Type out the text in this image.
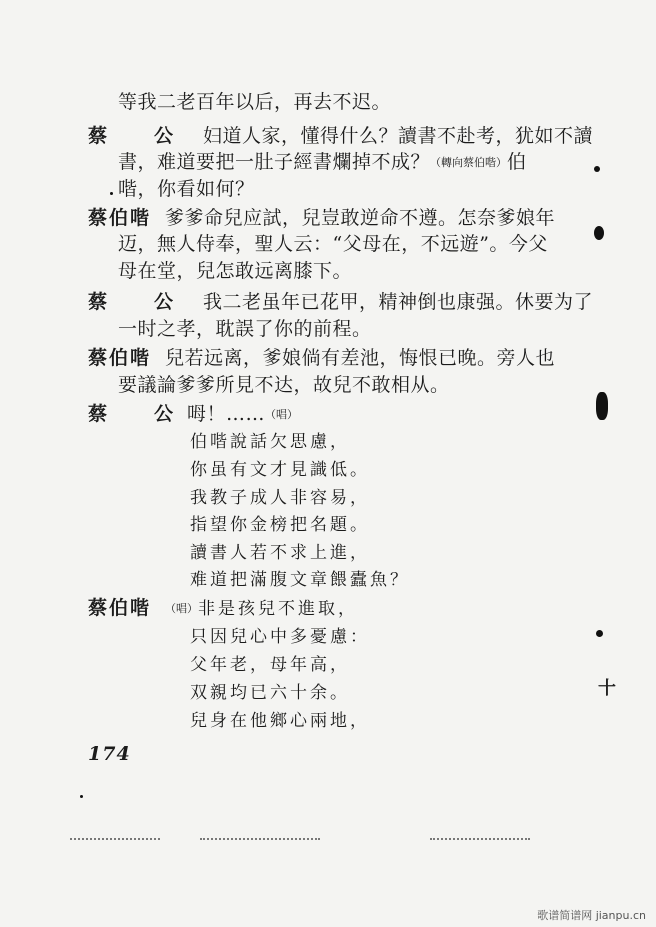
等我二老百年以后，再去不迟。
蔡　公 妇道人家，懂得什么？讀書不赴考，犹如不讀
書，难道要把一肚子經書爛掉不成？（轉向蔡伯喈）伯
喈，你看如何？
蔡伯喈 爹爹命兒应試，兒豈敢逆命不遵。怎奈爹娘年
迈，無人侍奉，聖人云：“父母在，不远遊”。今父
母在堂，兒怎敢远离膝下。
蔡　公 我二老虽年已花甲，精神倒也康强。休要为了
一时之孝，耽誤了你的前程。
蔡伯喈 兒若远离，爹娘倘有差池，悔恨已晚。旁人也
要議論爹爹所見不达，故兒不敢相从。
蔡　公呣！……（唱）
伯喈說話欠思慮，
你虽有文才見識低。
我教子成人非容易，
指望你金榜把名題。
讀書人若不求上進，
难道把滿腹文章餵蠹魚？
蔡伯喈 （唱）非是孩兒不進取，
只因兒心中多憂慮：
父年老，母年高，
双親均已六十余。
兒身在他鄉心兩地，
174
十
歌谱简谱网 jianpu.cn
